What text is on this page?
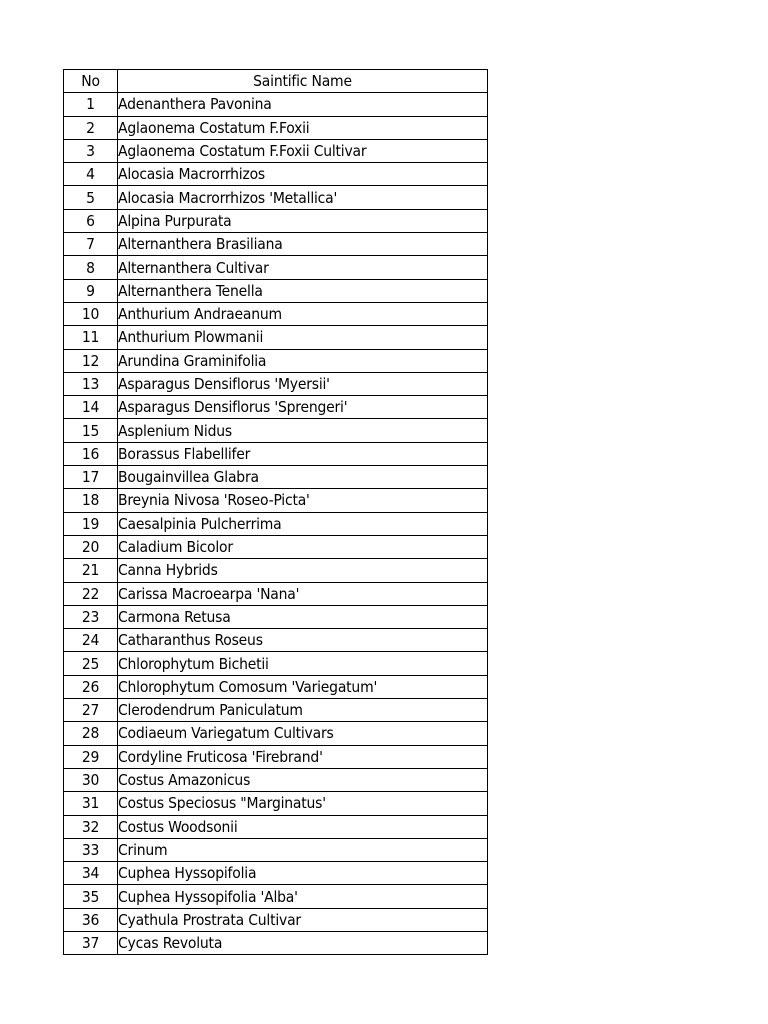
No	Saintific Name
1	Adenanthera Pavonina
2	Aglaonema Costatum F.Foxii
3	Aglaonema Costatum F.Foxii Cultivar
4	Alocasia Macrorrhizos
5	Alocasia Macrorrhizos 'Metallica'
6	Alpina Purpurata
7	Alternanthera Brasiliana
8	Alternanthera Cultivar
9	Alternanthera Tenella
10	Anthurium Andraeanum
11	Anthurium Plowmanii
12	Arundina Graminifolia
13	Asparagus Densiflorus 'Myersii'
14	Asparagus Densiflorus 'Sprengeri'
15	Asplenium Nidus
16	Borassus Flabellifer
17	Bougainvillea Glabra
18	Breynia Nivosa 'Roseo-Picta'
19	Caesalpinia Pulcherrima
20	Caladium Bicolor
21	Canna Hybrids
22	Carissa Macroearpa 'Nana'
23	Carmona Retusa
24	Catharanthus Roseus
25	Chlorophytum Bichetii
26	Chlorophytum Comosum 'Variegatum'
27	Clerodendrum Paniculatum
28	Codiaeum Variegatum Cultivars
29	Cordyline Fruticosa 'Firebrand'
30	Costus Amazonicus
31	Costus Speciosus "Marginatus'
32	Costus Woodsonii
33	Crinum
34	Cuphea Hyssopifolia
35	Cuphea Hyssopifolia 'Alba'
36	Cyathula Prostrata Cultivar
37	Cycas Revoluta
